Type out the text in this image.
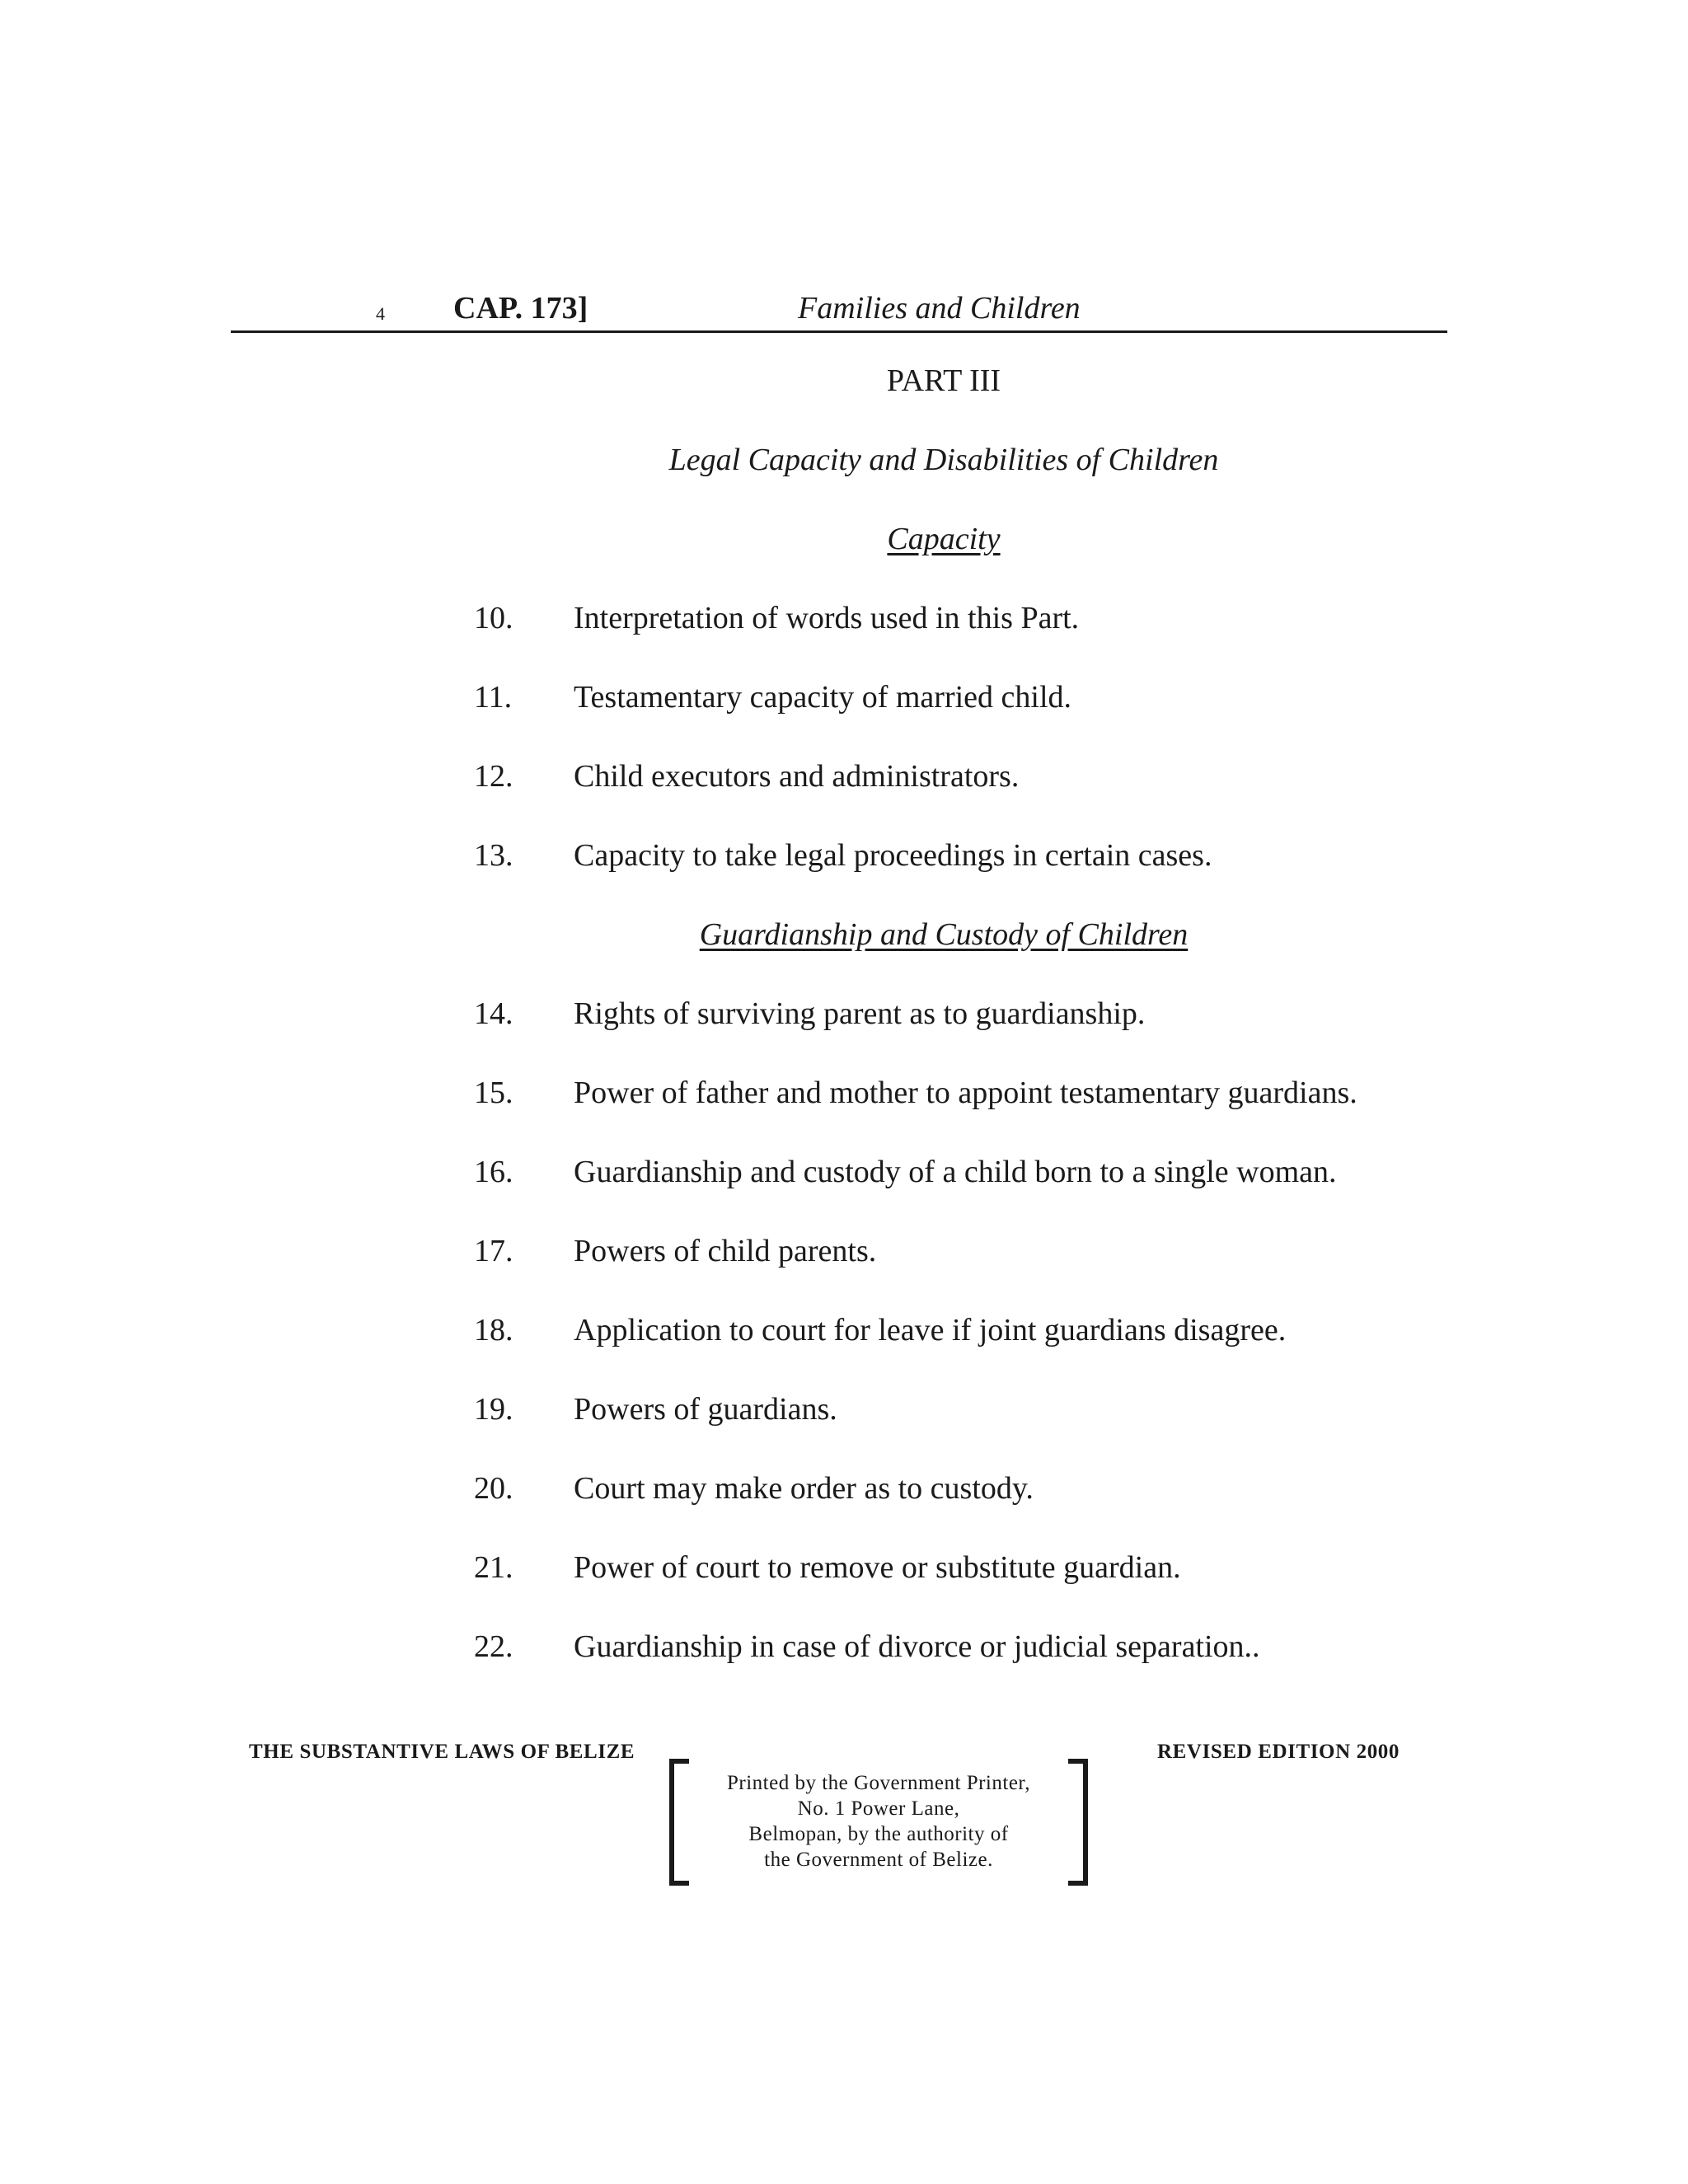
4 CAP. 173]	Families and Children
PART III
Legal Capacity and Disabilities of Children
Capacity
10. Interpretation of words used in this Part.
11. Testamentary capacity of married child.
12. Child executors and administrators.
13. Capacity to take legal proceedings in certain cases.
Guardianship and Custody of Children
14. Rights of surviving parent as to guardianship.
15. Power of father and mother to appoint testamentary guardians.
16. Guardianship and custody of a child born to a single woman.
17. Powers of child parents.
18. Application to court for leave if joint guardians disagree.
19. Powers of guardians.
20. Court may make order as to custody.
21. Power of court to remove or substitute guardian.
22. Guardianship in case of divorce or judicial separation..
THE SUBSTANTIVE LAWS OF BELIZE	REVISED EDITION 2000
Printed by the Government Printer,
No. 1 Power Lane,
Belmopan, by the authority of
the Government of Belize.
